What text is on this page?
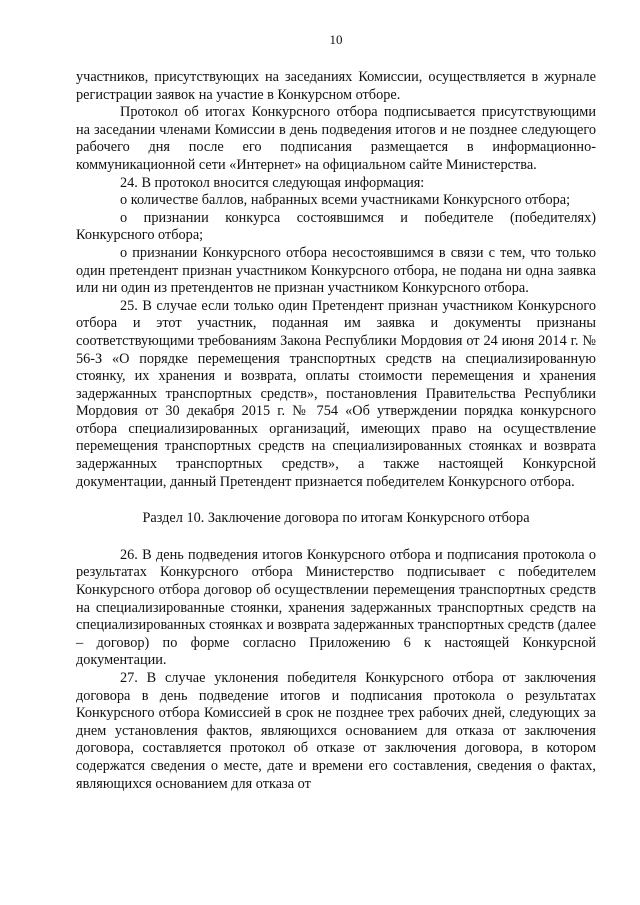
10

участников, присутствующих на заседаниях Комиссии, осуществляется в журнале регистрации заявок на участие в Конкурсном отборе.

Протокол об итогах Конкурсного отбора подписывается присутствующими на заседании членами Комиссии в день подведения итогов и не позднее следующего рабочего дня после его подписания размещается в информационно-коммуникационной сети «Интернет» на официальном сайте Министерства.

24. В протокол вносится следующая информация:

о количестве баллов, набранных всеми участниками Конкурсного отбора;

о признании конкурса состоявшимся и победителе (победителях) Конкурсного отбора;

о признании Конкурсного отбора несостоявшимся в связи с тем, что только один претендент признан участником Конкурсного отбора, не подана ни одна заявка или ни один из претендентов не признан участником Конкурсного отбора.

25. В случае если только один Претендент признан участником Конкурсного отбора и этот участник, поданная им заявка и документы признаны соответствующими требованиям Закона Республики Мордовия от 24 июня 2014 г. № 56-З «О порядке перемещения транспортных средств на специализированную стоянку, их хранения и возврата, оплаты стоимости перемещения и хранения задержанных транспортных средств», постановления Правительства Республики Мордовия от 30 декабря 2015 г. № 754 «Об утверждении порядка конкурсного отбора специализированных организаций, имеющих право на осуществление перемещения транспортных средств на специализированных стоянках и возврата задержанных транспортных средств», а также настоящей Конкурсной документации, данный Претендент признается победителем Конкурсного отбора.

Раздел 10. Заключение договора по итогам Конкурсного отбора

26. В день подведения итогов Конкурсного отбора и подписания протокола о результатах Конкурсного отбора Министерство подписывает с победителем Конкурсного отбора договор об осуществлении перемещения транспортных средств на специализированные стоянки, хранения задержанных транспортных средств на специализированных стоянках и возврата задержанных транспортных средств (далее – договор) по форме согласно Приложению 6 к настоящей Конкурсной документации.

27. В случае уклонения победителя Конкурсного отбора от заключения договора в день подведение итогов и подписания протокола о результатах Конкурсного отбора Комиссией в срок не позднее трех рабочих дней, следующих за днем установления фактов, являющихся основанием для отказа от заключения договора, составляется протокол об отказе от заключения договора, в котором содержатся сведения о месте, дате и времени его составления, сведения о фактах, являющихся основанием для отказа от
